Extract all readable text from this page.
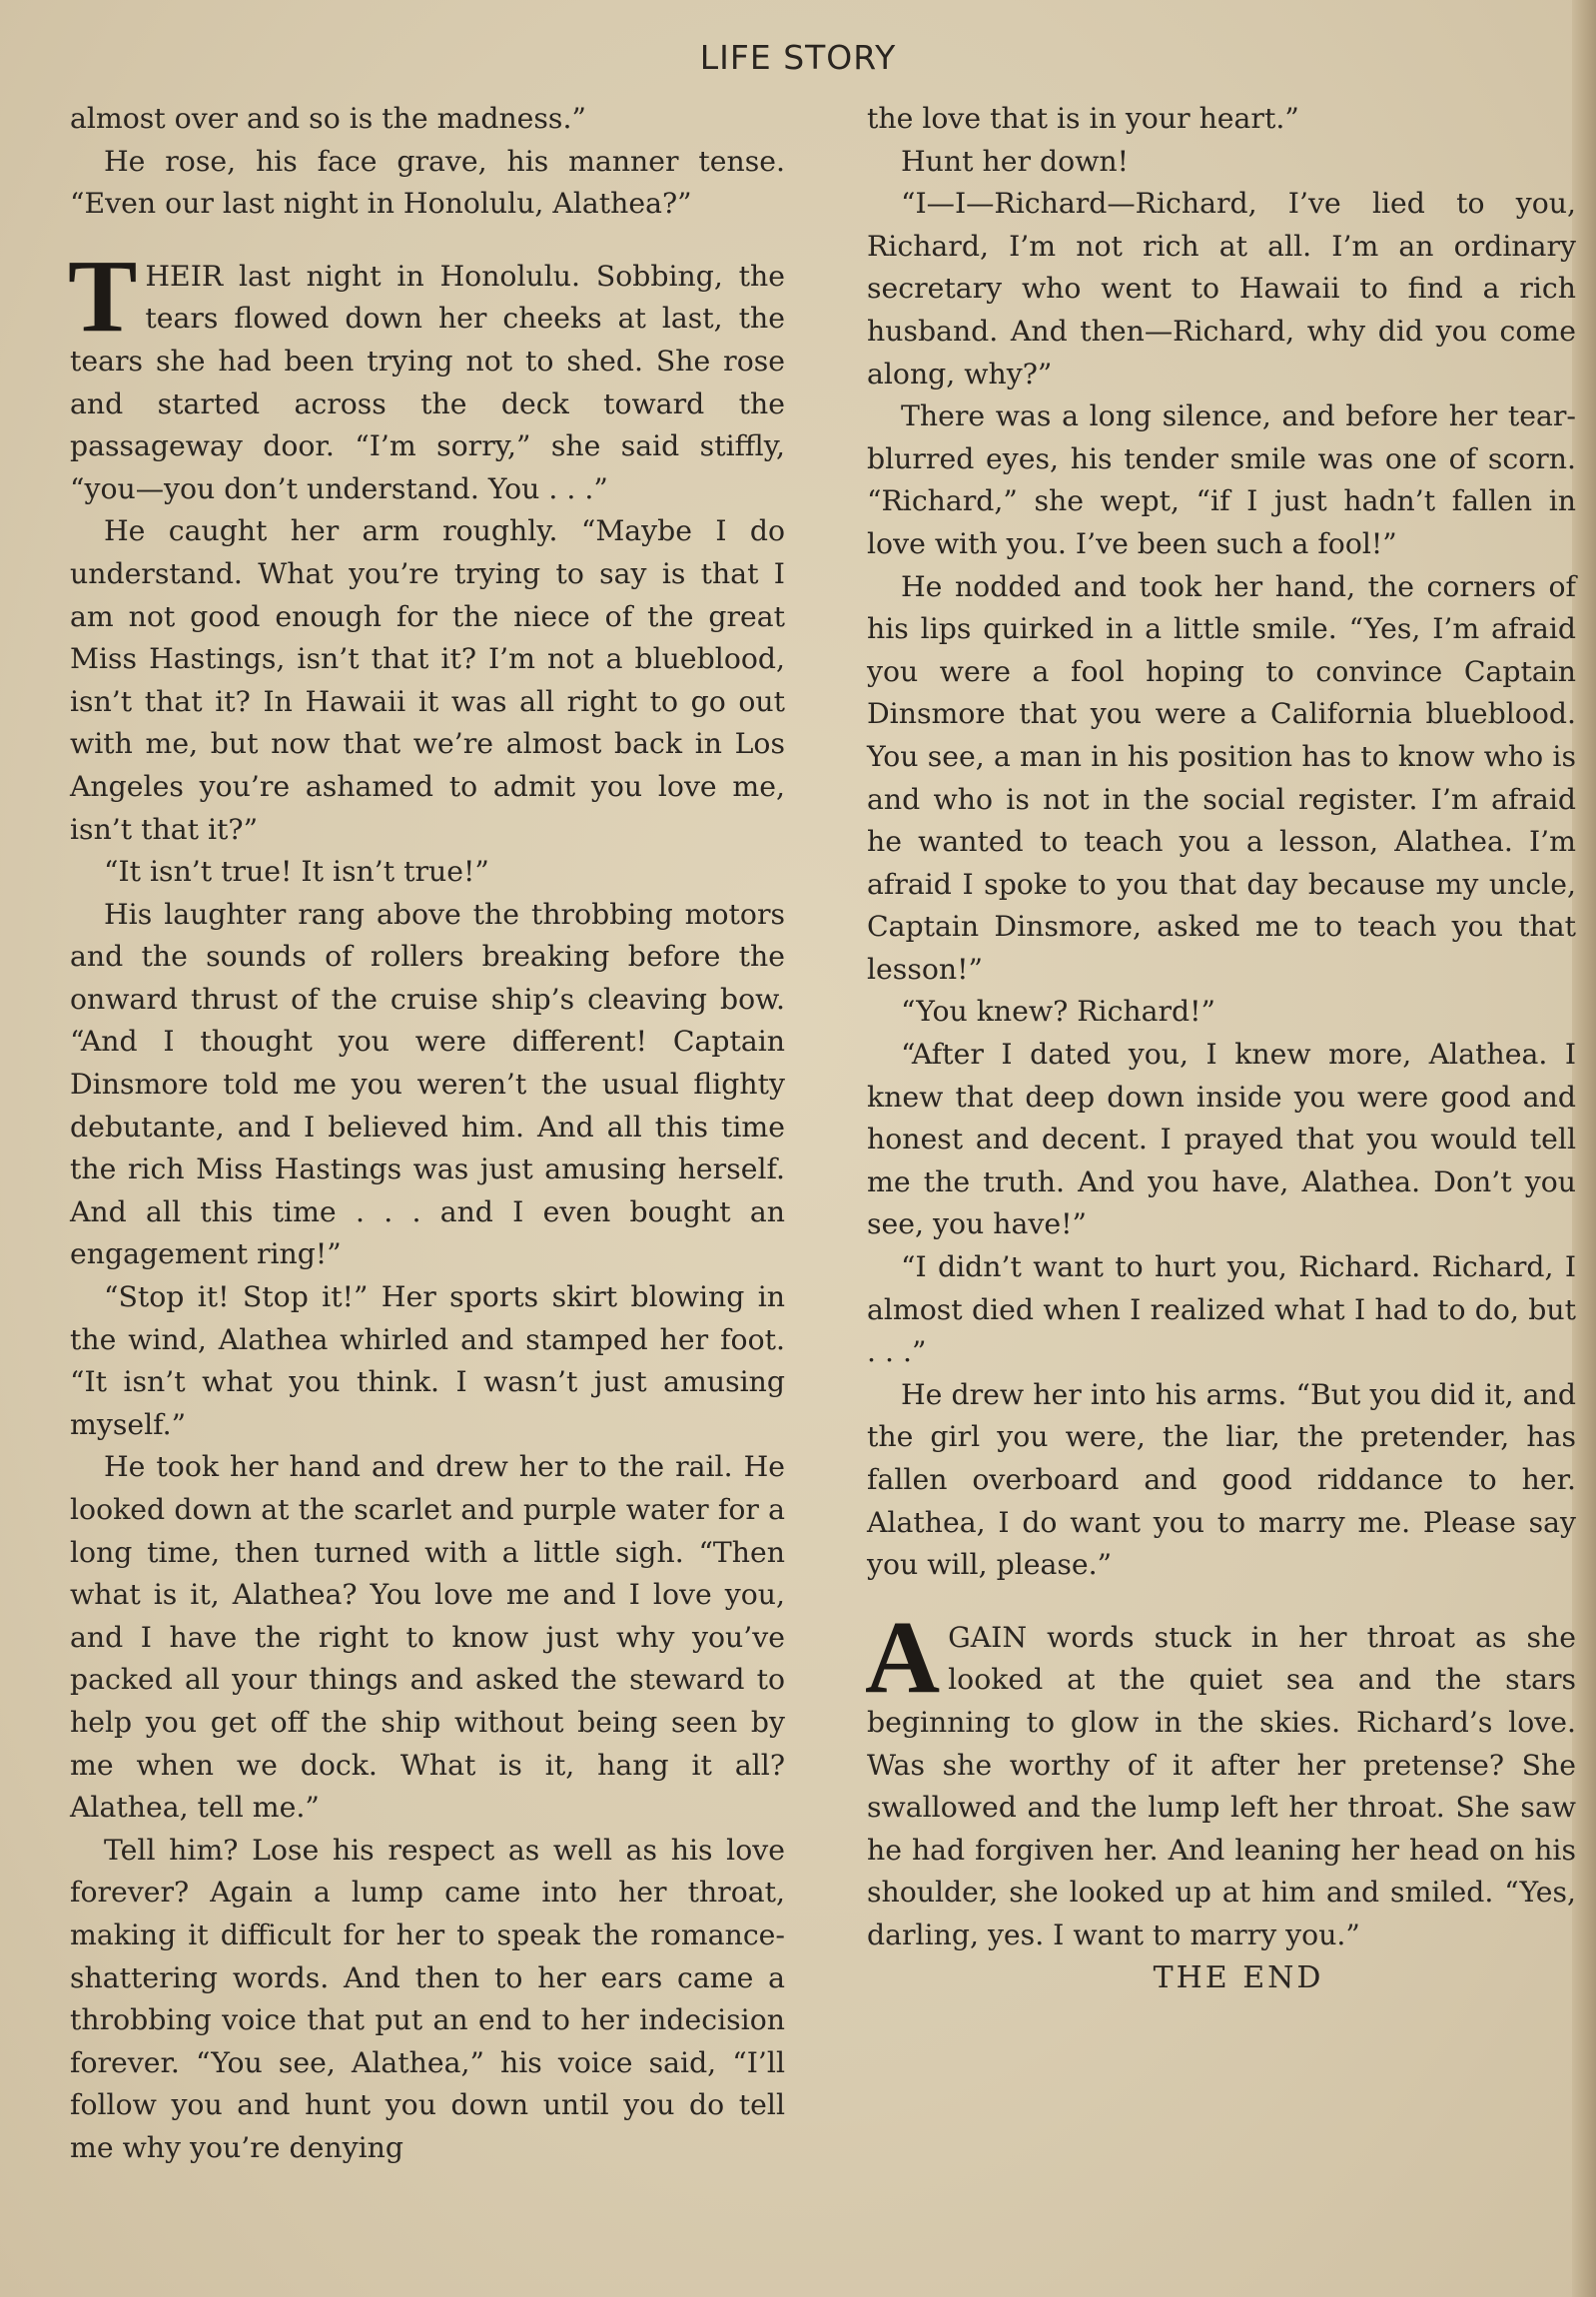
LIFE STORY

almost over and so is the madness.”

He rose, his face grave, his manner tense. “Even our last night in Honolulu, Alathea?”

THEIR last night in Honolulu. Sobbing, the tears flowed down her cheeks at last, the tears she had been trying not to shed. She rose and started across the deck toward the passageway door. “I’m sorry,” she said stiffly, “you—you don’t understand. You . . .”

He caught her arm roughly. “Maybe I do understand. What you’re trying to say is that I am not good enough for the niece of the great Miss Hastings, isn’t that it? I’m not a blueblood, isn’t that it? In Hawaii it was all right to go out with me, but now that we’re almost back in Los Angeles you’re ashamed to admit you love me, isn’t that it?”

“It isn’t true! It isn’t true!”

His laughter rang above the throbbing motors and the sounds of rollers breaking before the onward thrust of the cruise ship’s cleaving bow. “And I thought you were different! Captain Dinsmore told me you weren’t the usual flighty debutante, and I believed him. And all this time the rich Miss Hastings was just amusing herself. And all this time . . . and I even bought an engagement ring!”

“Stop it! Stop it!” Her sports skirt blowing in the wind, Alathea whirled and stamped her foot. “It isn’t what you think. I wasn’t just amusing myself.”

He took her hand and drew her to the rail. He looked down at the scarlet and purple water for a long time, then turned with a little sigh. “Then what is it, Alathea? You love me and I love you, and I have the right to know just why you’ve packed all your things and asked the steward to help you get off the ship without being seen by me when we dock. What is it, hang it all? Alathea, tell me.”

Tell him? Lose his respect as well as his love forever? Again a lump came into her throat, making it difficult for her to speak the romance-shattering words. And then to her ears came a throbbing voice that put an end to her indecision forever. “You see, Alathea,” his voice said, “I’ll follow you and hunt you down until you do tell me why you’re denying

the love that is in your heart.”

Hunt her down!

“I—I—Richard—Richard, I’ve lied to you, Richard, I’m not rich at all. I’m an ordinary secretary who went to Hawaii to find a rich husband. And then—Richard, why did you come along, why?”

There was a long silence, and before her tear-blurred eyes, his tender smile was one of scorn. “Richard,” she wept, “if I just hadn’t fallen in love with you. I’ve been such a fool!”

He nodded and took her hand, the corners of his lips quirked in a little smile. “Yes, I’m afraid you were a fool hoping to convince Captain Dinsmore that you were a California blueblood. You see, a man in his position has to know who is and who is not in the social register. I’m afraid he wanted to teach you a lesson, Alathea. I’m afraid I spoke to you that day because my uncle, Captain Dinsmore, asked me to teach you that lesson!”

“You knew? Richard!”

“After I dated you, I knew more, Alathea. I knew that deep down inside you were good and honest and decent. I prayed that you would tell me the truth. And you have, Alathea. Don’t you see, you have!”

“I didn’t want to hurt you, Richard. Richard, I almost died when I realized what I had to do, but . . .”

He drew her into his arms. “But you did it, and the girl you were, the liar, the pretender, has fallen overboard and good riddance to her. Alathea, I do want you to marry me. Please say you will, please.”

AGAIN words stuck in her throat as she looked at the quiet sea and the stars beginning to glow in the skies. Richard’s love. Was she worthy of it after her pretense? She swallowed and the lump left her throat. She saw he had forgiven her. And leaning her head on his shoulder, she looked up at him and smiled. “Yes, darling, yes. I want to marry you.”

THE END
